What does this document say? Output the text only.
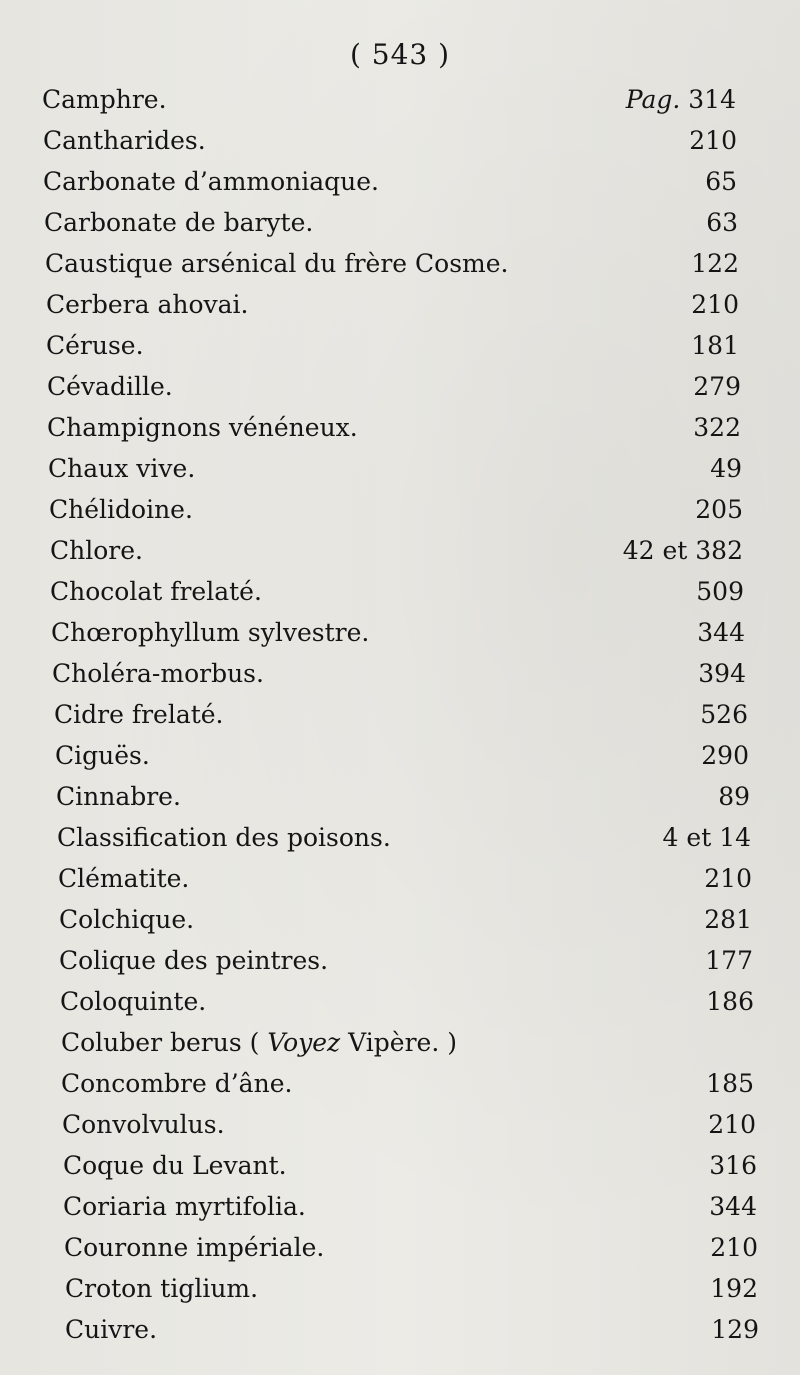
( 543 )
Camphre.	Pag. 314
Cantharides.	210
Carbonate d’ammoniaque.	65
Carbonate de baryte.	63
Caustique arsénical du frère Cosme.	122
Cerbera ahovai.	210
Céruse.	181
Cévadille.	279
Champignons vénéneux.	322
Chaux vive.	49
Chélidoine.	205
Chlore.	42 et 382
Chocolat frelaté.	509
Chœrophyllum sylvestre.	344
Choléra-morbus.	394
Cidre frelaté.	526
Ciguës.	290
Cinnabre.	89
Classification des poisons.	4 et 14
Clématite.	210
Colchique.	281
Colique des peintres.	177
Coloquinte.	186
Coluber berus ( Voyez Vipère. )
Concombre d’âne.	185
Convolvulus.	210
Coque du Levant.	316
Coriaria myrtifolia.	344
Couronne impériale.	210
Croton tiglium.	192
Cuivre.	129
